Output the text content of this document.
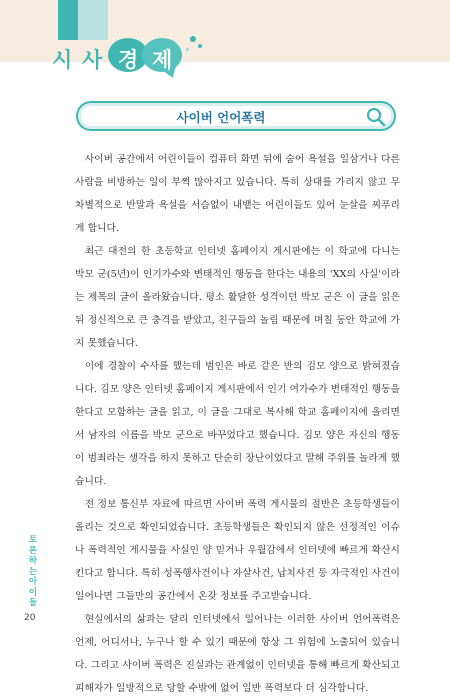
시 사 경 제
사이버 언어폭력

사이버 공간에서 어린이들이 컴퓨터 화면 뒤에 숨어 욕설을 일삼거나 다른 사람을 비방하는 일이 부쩍 많아지고 있습니다. 특히 상대를 가리지 않고 무차별적으로 반말과 욕설을 서슴없이 내뱉는 어린이들도 있어 눈살을 찌푸리게 합니다.

최근 대전의 한 초등학교 인터넷 홈페이지 게시판에는 이 학교에 다니는 박모 군(5년)이 인기가수와 변태적인 행동을 한다는 내용의 'XX의 사실'이라는 제목의 글이 올라왔습니다. 평소 활달한 성격이던 박모 군은 이 글을 읽은 뒤 정신적으로 큰 충격을 받았고, 친구들의 놀림 때문에 며칠 동안 학교에 가지 못했습니다.

이에 경찰이 수사를 했는데 범인은 바로 같은 반의 김모 양으로 밝혀졌습니다. 김모 양은 인터넷 홈페이지 게시판에서 인기 여가수가 변태적인 행동을 한다고 모함하는 글을 읽고, 이 글을 그대로 복사해 학교 홈페이지에 올리면서 남자의 이름을 박모 군으로 바꾸었다고 했습니다. 김모 양은 자신의 행동이 범죄라는 생각을 하지 못하고 단순히 장난이었다고 말해 주위를 놀라게 했습니다.

전 정보 통신부 자료에 따르면 사이버 폭력 게시물의 절반은 초등학생들이 올리는 것으로 확인되었습니다. 초등학생들은 확인되지 않은 선정적인 이슈나 폭력적인 게시물을 사실인 양 믿거나 우월감에서 인터넷에 빠르게 확산시킨다고 합니다. 특히 성폭행사건이나 자살사건, 납치사건 등 자극적인 사건이 일어나면 그들만의 공간에서 온갖 정보를 주고받습니다.

현실에서의 삶과는 달리 인터넷에서 일어나는 이러한 사이버 언어폭력은 언제, 어디서나, 누구나 할 수 있기 때문에 항상 그 위험에 노출되어 있습니다. 그리고 사이버 폭력은 진실과는 관계없이 인터넷을 통해 빠르게 확산되고 피해자가 일방적으로 당할 수밖에 없어 일반 폭력보다 더 심각합니다.

토론하는아이들
20
